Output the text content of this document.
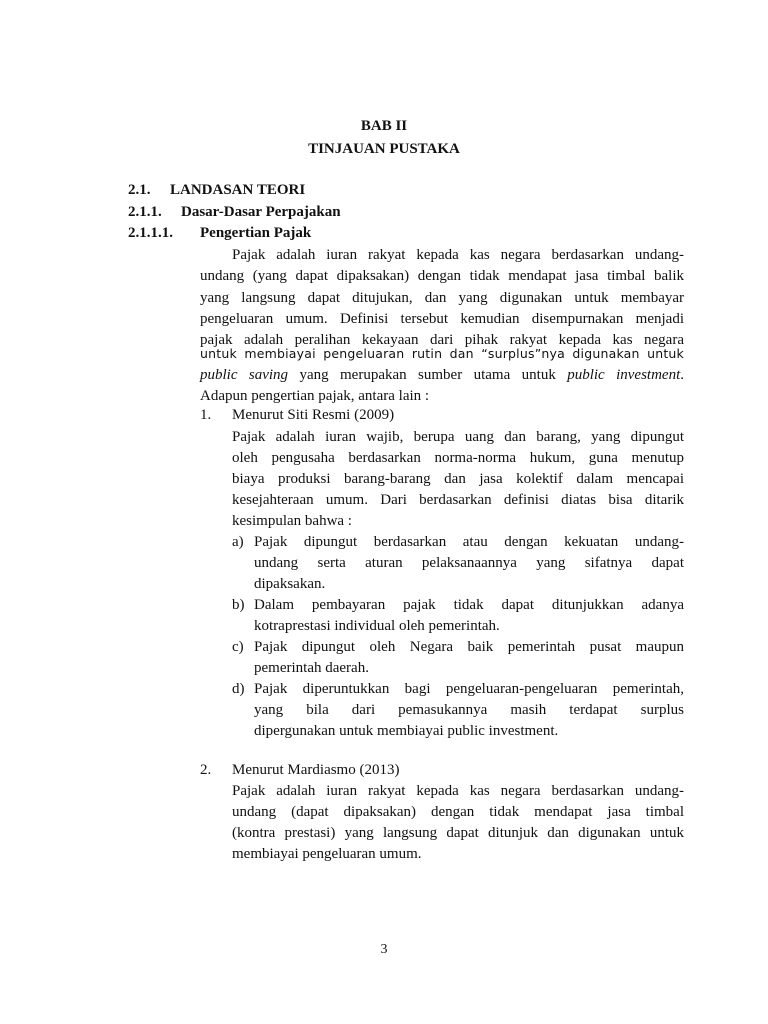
BAB II
TINJAUAN PUSTAKA
2.1. LANDASAN TEORI
2.1.1. Dasar-Dasar Perpajakan
2.1.1.1. Pengertian Pajak
Pajak adalah iuran rakyat kepada kas negara berdasarkan undang-
undang (yang dapat dipaksakan) dengan tidak mendapat jasa timbal balik
yang langsung dapat ditujukan, dan yang digunakan untuk membayar
pengeluaran umum. Definisi tersebut kemudian disempurnakan menjadi
pajak adalah peralihan kekayaan dari pihak rakyat kepada kas negara
untuk membiayai pengeluaran rutin dan “surplus”nya digunakan untuk
public saving yang merupakan sumber utama untuk public investment.
Adapun pengertian pajak, antara lain :
1. Menurut Siti Resmi (2009)
Pajak adalah iuran wajib, berupa uang dan barang, yang dipungut
oleh pengusaha berdasarkan norma-norma hukum, guna menutup
biaya produksi barang-barang dan jasa kolektif dalam mencapai
kesejahteraan umum. Dari berdasarkan definisi diatas bisa ditarik
kesimpulan bahwa :
a) Pajak dipungut berdasarkan atau dengan kekuatan undang-
undang serta aturan pelaksanaannya yang sifatnya dapat
dipaksakan.
b) Dalam pembayaran pajak tidak dapat ditunjukkan adanya
kotraprestasi individual oleh pemerintah.
c) Pajak dipungut oleh Negara baik pemerintah pusat maupun
pemerintah daerah.
d) Pajak diperuntukkan bagi pengeluaran-pengeluaran pemerintah,
yang bila dari pemasukannya masih terdapat surplus
dipergunakan untuk membiayai public investment.
2. Menurut Mardiasmo (2013)
Pajak adalah iuran rakyat kepada kas negara berdasarkan undang-
undang (dapat dipaksakan) dengan tidak mendapat jasa timbal
(kontra prestasi) yang langsung dapat ditunjuk dan digunakan untuk
membiayai pengeluaran umum.
3
